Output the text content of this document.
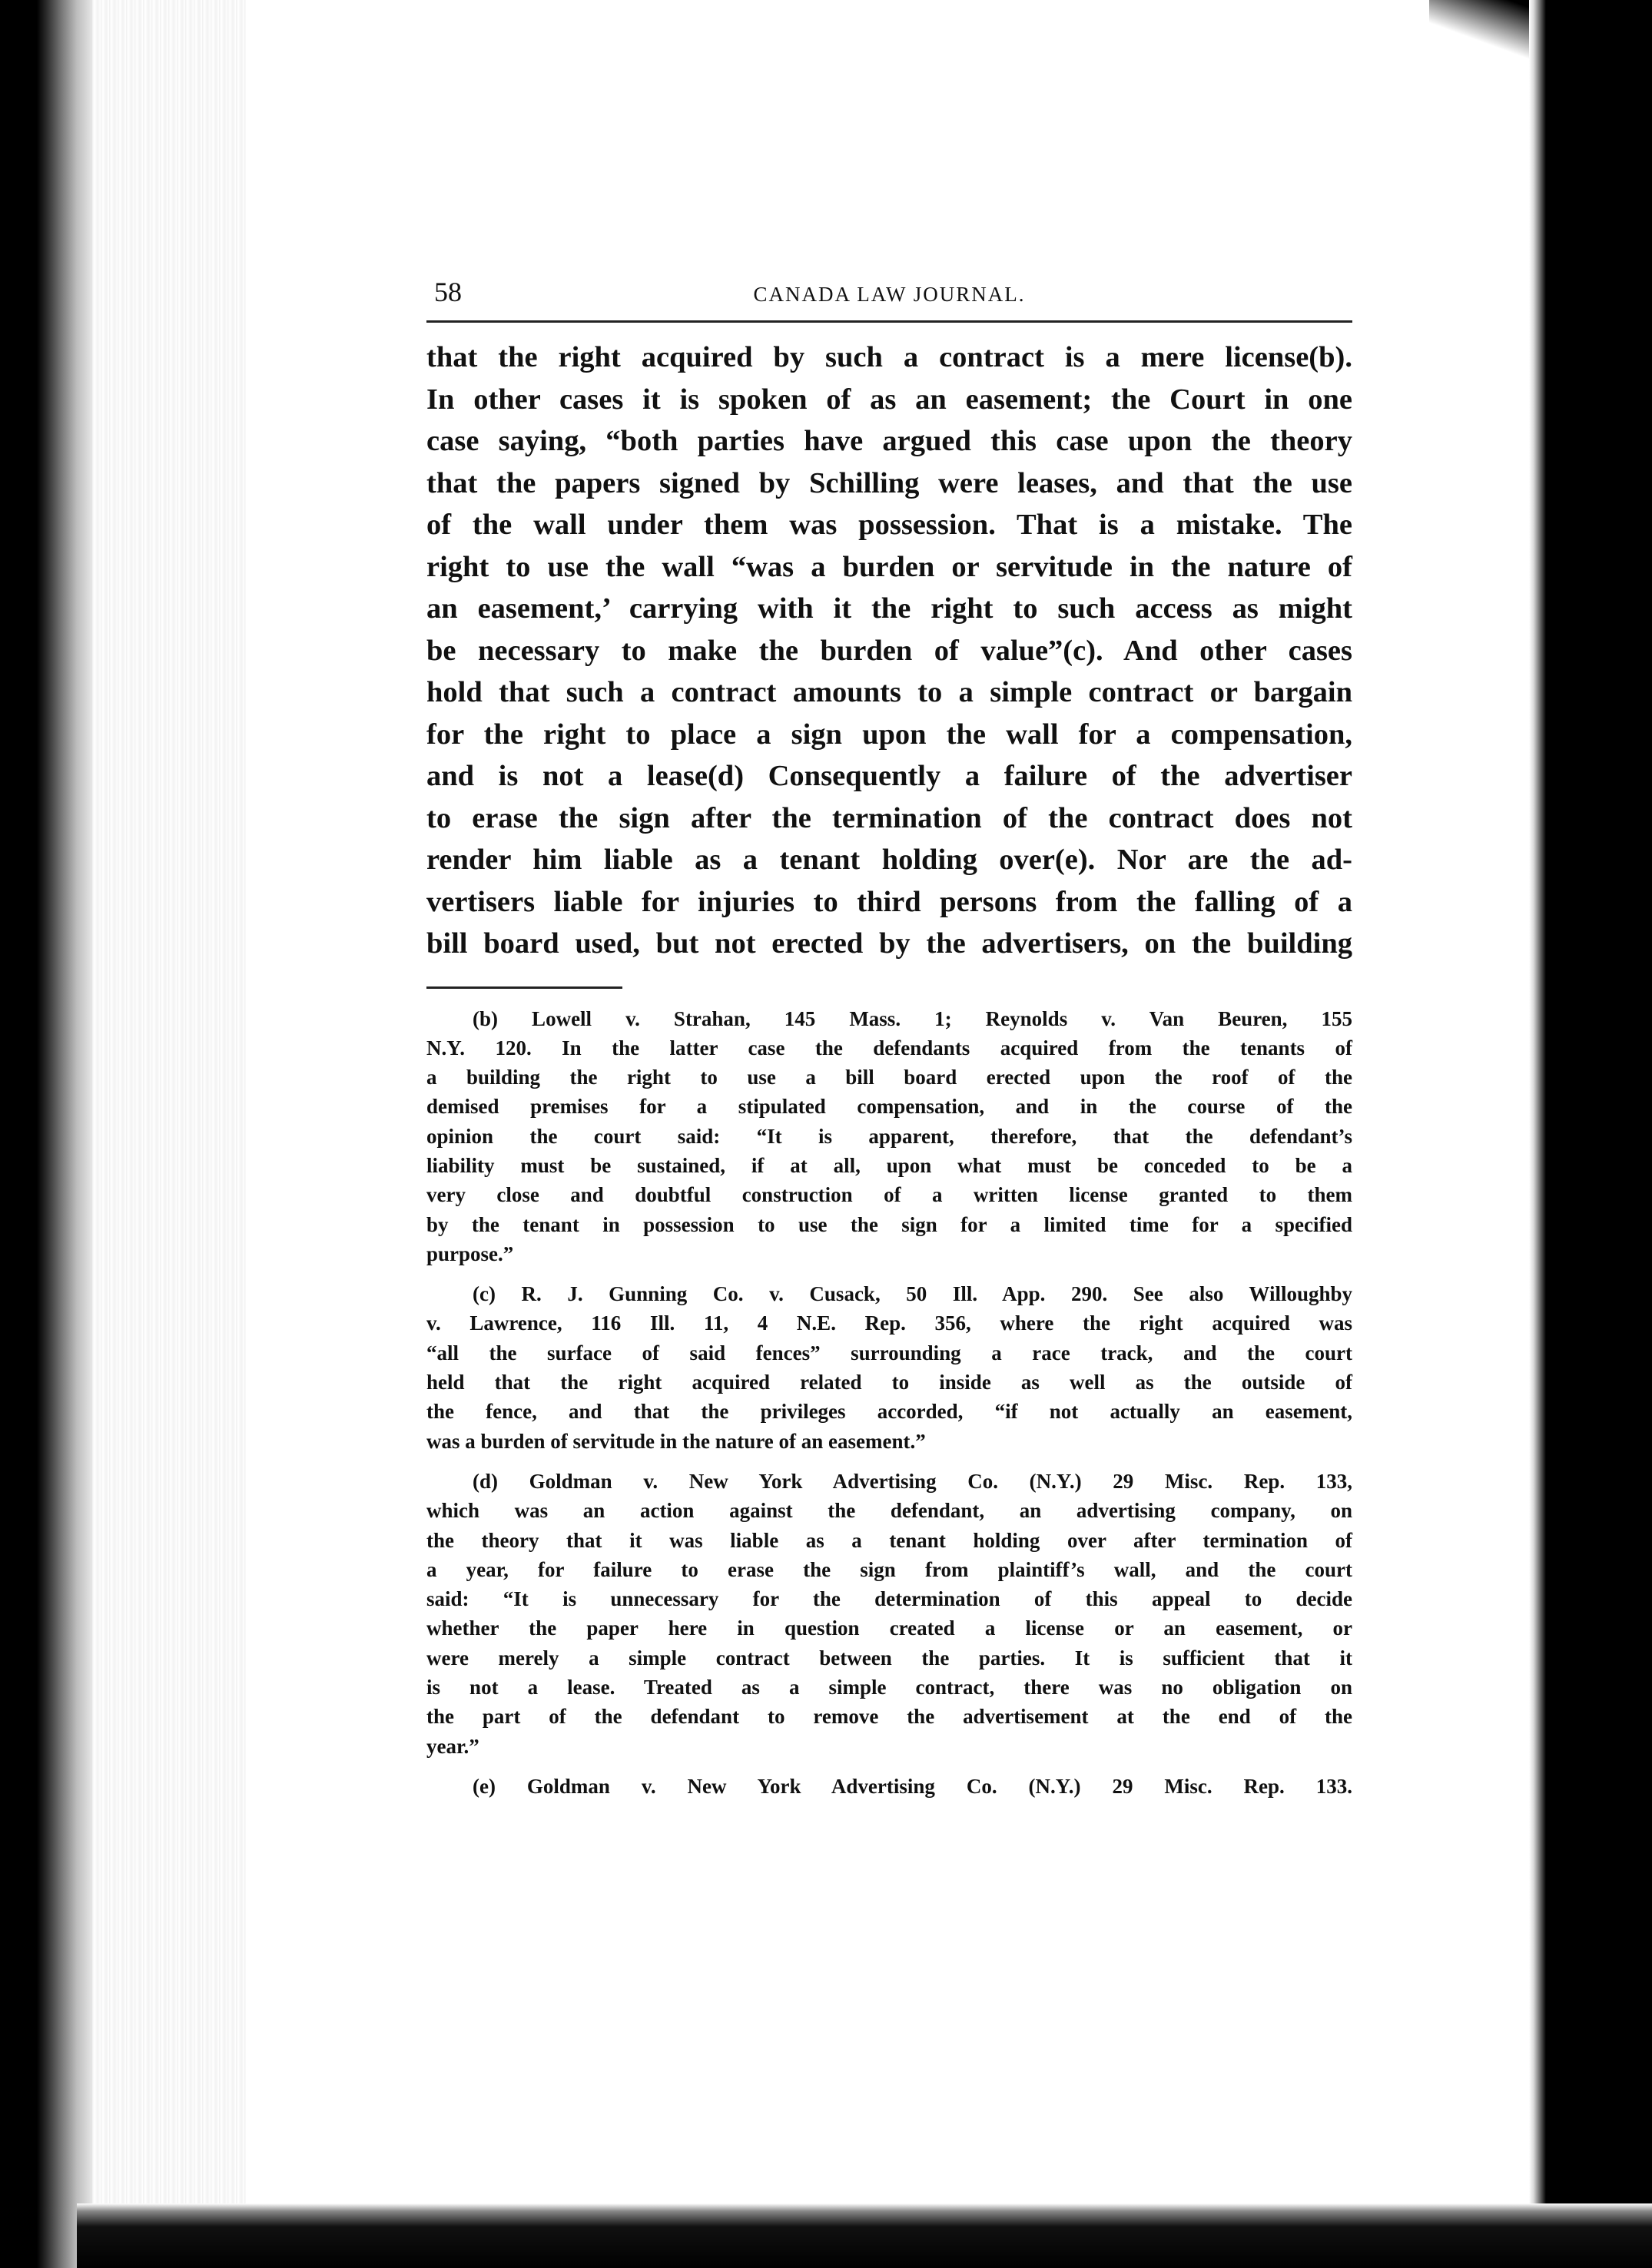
58	CANADA LAW JOURNAL.
that the right acquired by such a contract is a mere license(b).
In other cases it is spoken of as an easement; the Court in one
case saying, “both parties have argued this case upon the theory
that the papers signed by Schilling were leases, and that the use
of the wall under them was possession. That is a mistake. The
right to use the wall “was a burden or servitude in the nature of
an easement,’ carrying with it the right to such access as might
be necessary to make the burden of value”(c). And other cases
hold that such a contract amounts to a simple contract or bargain
for the right to place a sign upon the wall for a compensation,
and is not a lease(d) Consequently a failure of the advertiser
to erase the sign after the termination of the contract does not
render him liable as a tenant holding over(e). Nor are the ad-
vertisers liable for injuries to third persons from the falling of a
bill board used, but not erected by the advertisers, on the building
(b) Lowell v. Strahan, 145 Mass. 1; Reynolds v. Van Beuren, 155
N.Y. 120. In the latter case the defendants acquired from the tenants of
a building the right to use a bill board erected upon the roof of the
demised premises for a stipulated compensation, and in the course of the
opinion the court said: “It is apparent, therefore, that the defendant’s
liability must be sustained, if at all, upon what must be conceded to be a
very close and doubtful construction of a written license granted to them
by the tenant in possession to use the sign for a limited time for a specified
purpose.”
(c) R. J. Gunning Co. v. Cusack, 50 Ill. App. 290. See also Willoughby
v. Lawrence, 116 Ill. 11, 4 N.E. Rep. 356, where the right acquired was
“all the surface of said fences” surrounding a race track, and the court
held that the right acquired related to inside as well as the outside of
the fence, and that the privileges accorded, “if not actually an easement,
was a burden of servitude in the nature of an easement.”
(d) Goldman v. New York Advertising Co. (N.Y.) 29 Misc. Rep. 133,
which was an action against the defendant, an advertising company, on
the theory that it was liable as a tenant holding over after termination of
a year, for failure to erase the sign from plaintiff’s wall, and the court
said: “It is unnecessary for the determination of this appeal to decide
whether the paper here in question created a license or an easement, or
were merely a simple contract between the parties. It is sufficient that it
is not a lease. Treated as a simple contract, there was no obligation on
the part of the defendant to remove the advertisement at the end of the
year.”
(e) Goldman v. New York Advertising Co. (N.Y.) 29 Misc. Rep. 133.
